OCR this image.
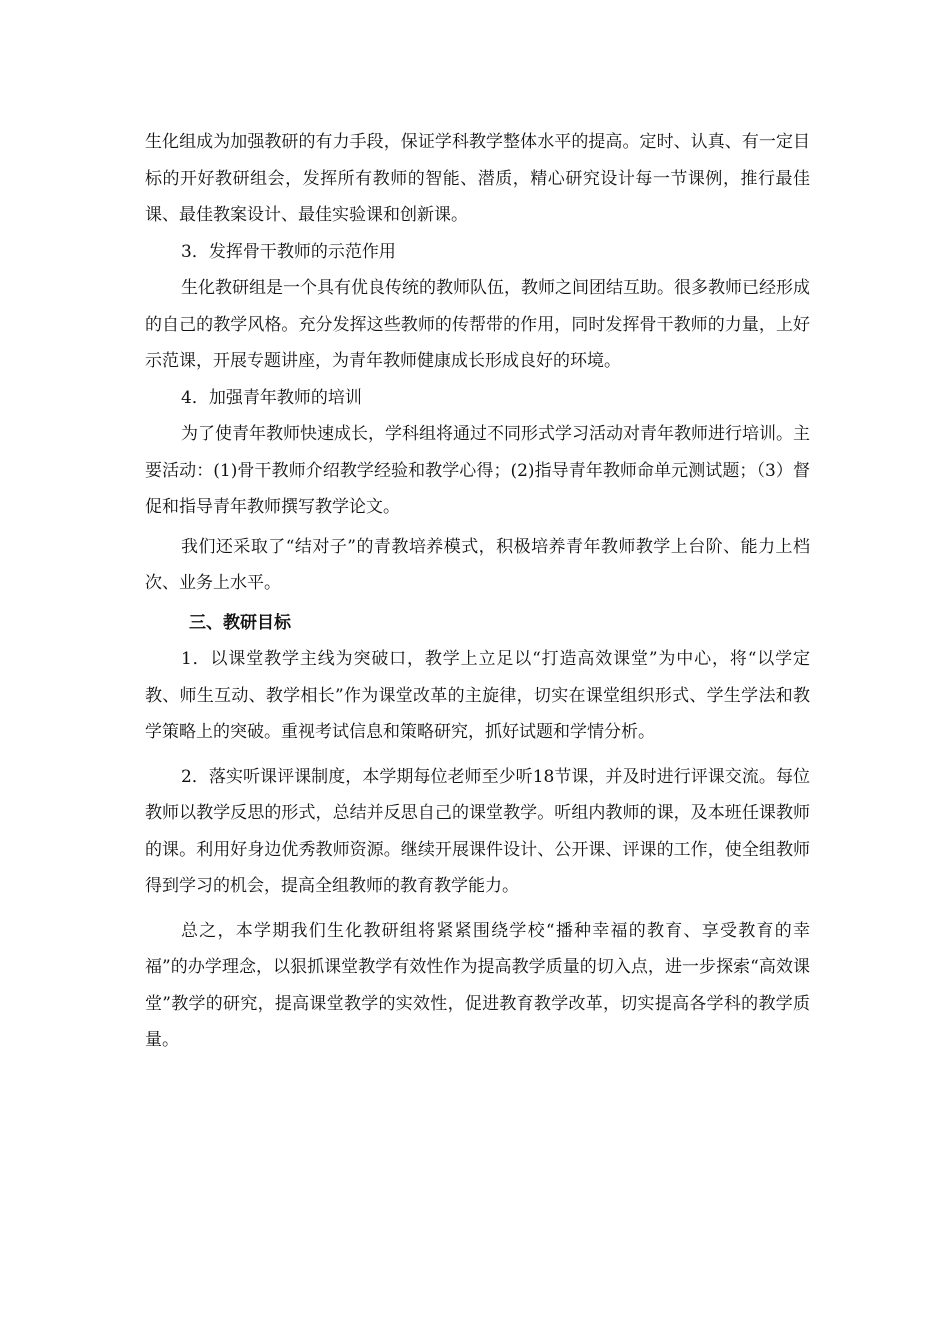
生化组成为加强教研的有力手段，保证学科教学整体水平的提高。定时、认真、有一定目标的开好教研组会，发挥所有教师的智能、潜质，精心研究设计每一节课例，推行最佳课、最佳教案设计、最佳实验课和创新课。

3．发挥骨干教师的示范作用

生化教研组是一个具有优良传统的教师队伍，教师之间团结互助。很多教师已经形成的自己的教学风格。充分发挥这些教师的传帮带的作用，同时发挥骨干教师的力量，上好示范课，开展专题讲座，为青年教师健康成长形成良好的环境。

4．加强青年教师的培训

为了使青年教师快速成长，学科组将通过不同形式学习活动对青年教师进行培训。主要活动：(1)骨干教师介绍教学经验和教学心得；(2)指导青年教师命单元测试题；（3）督促和指导青年教师撰写教学论文。

我们还采取了“结对子”的青教培养模式，积极培养青年教师教学上台阶、能力上档次、业务上水平。

三、教研目标

1．以课堂教学主线为突破口，教学上立足以“打造高效课堂”为中心，将“以学定教、师生互动、教学相长”作为课堂改革的主旋律，切实在课堂组织形式、学生学法和教学策略上的突破。重视考试信息和策略研究，抓好试题和学情分析。

2．落实听课评课制度，本学期每位老师至少听18节课，并及时进行评课交流。每位教师以教学反思的形式，总结并反思自己的课堂教学。听组内教师的课，及本班任课教师的课。利用好身边优秀教师资源。继续开展课件设计、公开课、评课的工作，使全组教师得到学习的机会，提高全组教师的教育教学能力。

总之，本学期我们生化教研组将紧紧围绕学校“播种幸福的教育、享受教育的幸福”的办学理念，以狠抓课堂教学有效性作为提高教学质量的切入点，进一步探索“高效课堂”教学的研究，提高课堂教学的实效性，促进教育教学改革，切实提高各学科的教学质量。
